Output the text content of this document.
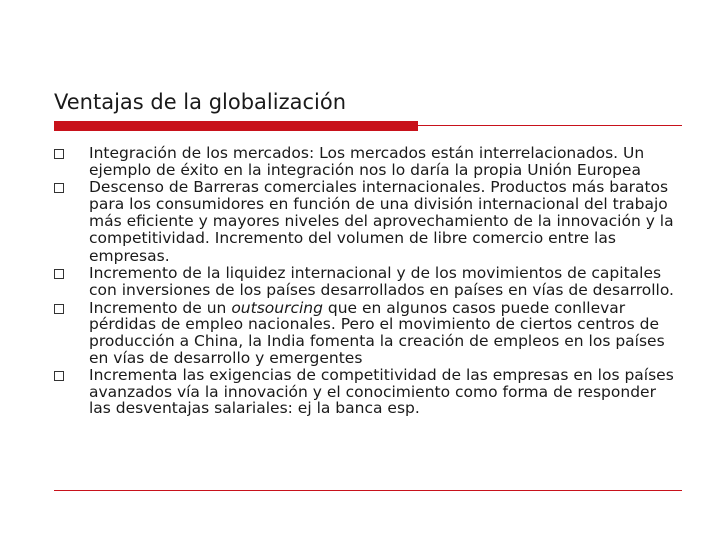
Ventajas de la globalización
Integración de los mercados: Los mercados están interrelacionados. Un ejemplo de éxito en la integración nos lo daría la propia Unión Europea
Descenso de Barreras comerciales internacionales. Productos más baratos para los consumidores en función de una división internacional del trabajo más eficiente y mayores niveles del aprovechamiento de la innovación y la competitividad. Incremento del volumen de libre comercio entre las empresas.
Incremento de la liquidez internacional y de los movimientos de capitales con inversiones de los países desarrollados en países en vías de desarrollo.
Incremento de un outsourcing que en algunos casos puede conllevar pérdidas de empleo nacionales. Pero el movimiento de ciertos centros de producción a China, la India fomenta la creación de empleos en los países en vías de desarrollo y emergentes
Incrementa las exigencias de competitividad de las empresas en los países avanzados vía la innovación y el conocimiento como forma de responder las desventajas salariales: ej la banca esp.
